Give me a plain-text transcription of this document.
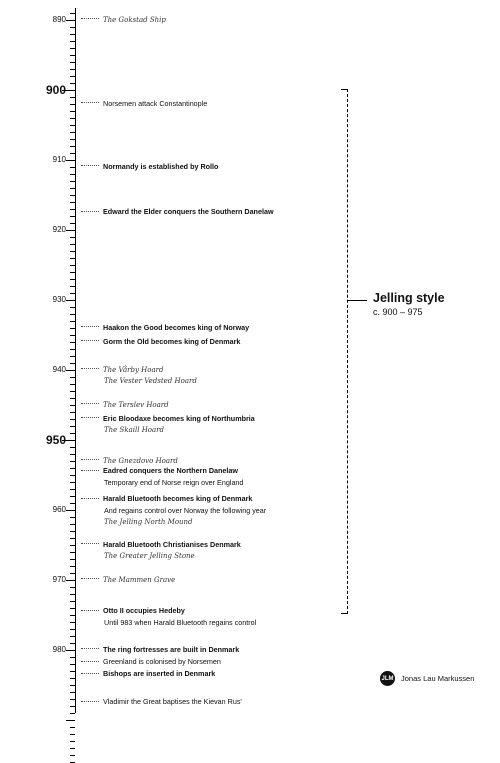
890
900
910
920
930
940
950
960
970
980
The Gokstad Ship
Norsemen attack Constantinople
Normandy is established by Rollo
Edward the Elder conquers the Southern Danelaw
Haakon the Good becomes king of Norway
Gorm the Old becomes king of Denmark
The Vårby Hoard
The Vester Vedsted Hoard
The Terslev Hoard
Eric Bloodaxe becomes king of Northumbria
The Skaill Hoard
The Gnezdovo Hoard
Eadred conquers the Northern Danelaw
Temporary end of Norse reign over England
Harald Bluetooth becomes king of Denmark
And regains control over Norway the following year
The Jelling North Mound
Harald Bluetooth Christianises Denmark
The Greater Jelling Stone
The Mammen Grave
Otto II occupies Hedeby
Until 983 when Harald Bluetooth regains control
The ring fortresses are built in Denmark
Greenland is colonised by Norsemen
Bishops are inserted in Denmark
Vladimir the Great baptises the Kievan Rus'
Jelling style
c. 900 – 975
JLM Jonas Lau Markussen
